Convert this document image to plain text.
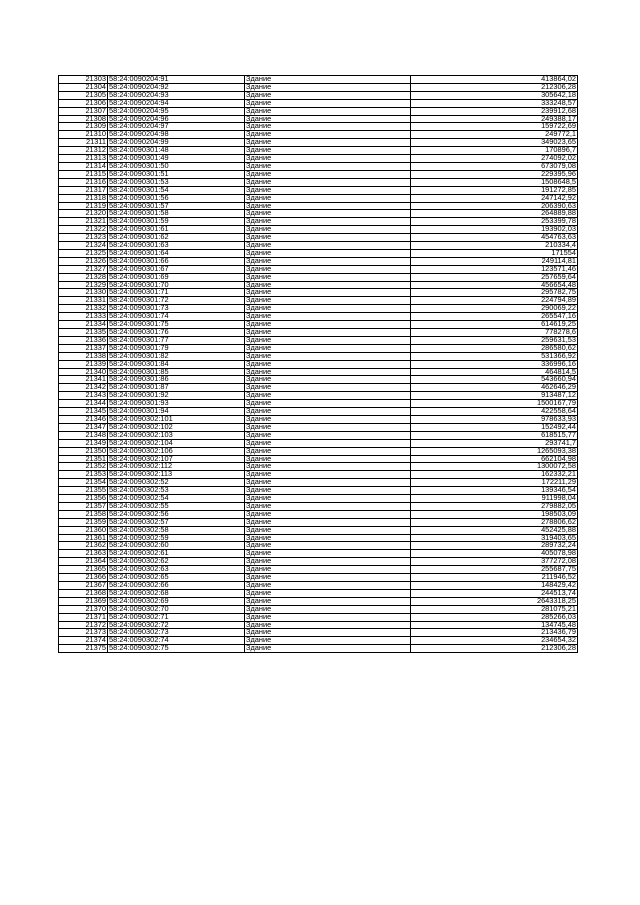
21303	58:24:0090204:91	Здание	413864,02
21304	58:24:0090204:92	Здание	212306,28
21305	58:24:0090204:93	Здание	305642,18
21306	58:24:0090204:94	Здание	333248,57
21307	58:24:0090204:95	Здание	239912,68
21308	58:24:0090204:96	Здание	249388,17
21309	58:24:0090204:97	Здание	159722,69
21310	58:24:0090204:98	Здание	249772,1
21311	58:24:0090204:99	Здание	349023,65
21312	58:24:0090301:48	Здание	170896,7
21313	58:24:0090301:49	Здание	274092,02
21314	58:24:0090301:50	Здание	673079,08
21315	58:24:0090301:51	Здание	229395,96
21316	58:24:0090301:53	Здание	1508648,5
21317	58:24:0090301:54	Здание	191272,85
21318	58:24:0090301:56	Здание	247142,92
21319	58:24:0090301:57	Здание	206390,63
21320	58:24:0090301:58	Здание	264889,88
21321	58:24:0090301:59	Здание	253399,78
21322	58:24:0090301:61	Здание	193902,03
21323	58:24:0090301:62	Здание	454763,63
21324	58:24:0090301:63	Здание	210334,4
21325	58:24:0090301:64	Здание	171554
21326	58:24:0090301:66	Здание	249114,81
21327	58:24:0090301:67	Здание	123571,46
21328	58:24:0090301:69	Здание	257659,64
21329	58:24:0090301:70	Здание	456654,48
21330	58:24:0090301:71	Здание	295782,75
21331	58:24:0090301:72	Здание	224794,89
21332	58:24:0090301:73	Здание	290069,22
21333	58:24:0090301:74	Здание	265547,16
21334	58:24:0090301:75	Здание	614619,25
21335	58:24:0090301:76	Здание	778278,6
21336	58:24:0090301:77	Здание	259631,53
21337	58:24:0090301:79	Здание	286580,62
21338	58:24:0090301:82	Здание	531366,92
21339	58:24:0090301:84	Здание	336996,16
21340	58:24:0090301:85	Здание	464814,5
21341	58:24:0090301:86	Здание	543660,94
21342	58:24:0090301:87	Здание	462646,29
21343	58:24:0090301:92	Здание	913487,12
21344	58:24:0090301:93	Здание	1500167,79
21345	58:24:0090301:94	Здание	422558,64
21346	58:24:0090302:101	Здание	978633,93
21347	58:24:0090302:102	Здание	152492,44
21348	58:24:0090302:103	Здание	618515,77
21349	58:24:0090302:104	Здание	293741,7
21350	58:24:0090302:106	Здание	1265093,38
21351	58:24:0090302:107	Здание	662104,98
21352	58:24:0090302:112	Здание	1300072,58
21353	58:24:0090302:113	Здание	162332,21
21354	58:24:0090302:52	Здание	172211,29
21355	58:24:0090302:53	Здание	139346,54
21356	58:24:0090302:54	Здание	911998,04
21357	58:24:0090302:55	Здание	279882,05
21358	58:24:0090302:56	Здание	198503,09
21359	58:24:0090302:57	Здание	278806,62
21360	58:24:0090302:58	Здание	452425,88
21361	58:24:0090302:59	Здание	319403,65
21362	58:24:0090302:60	Здание	289732,24
21363	58:24:0090302:61	Здание	405078,98
21364	58:24:0090302:62	Здание	377272,08
21365	58:24:0090302:63	Здание	255687,75
21366	58:24:0090302:65	Здание	211946,52
21367	58:24:0090302:66	Здание	148429,42
21368	58:24:0090302:68	Здание	244513,74
21369	58:24:0090302:69	Здание	2643318,25
21370	58:24:0090302:70	Здание	281075,21
21371	58:24:0090302:71	Здание	285266,03
21372	58:24:0090302:72	Здание	134745,48
21373	58:24:0090302:73	Здание	213436,79
21374	58:24:0090302:74	Здание	234654,32
21375	58:24:0090302:75	Здание	212306,28
